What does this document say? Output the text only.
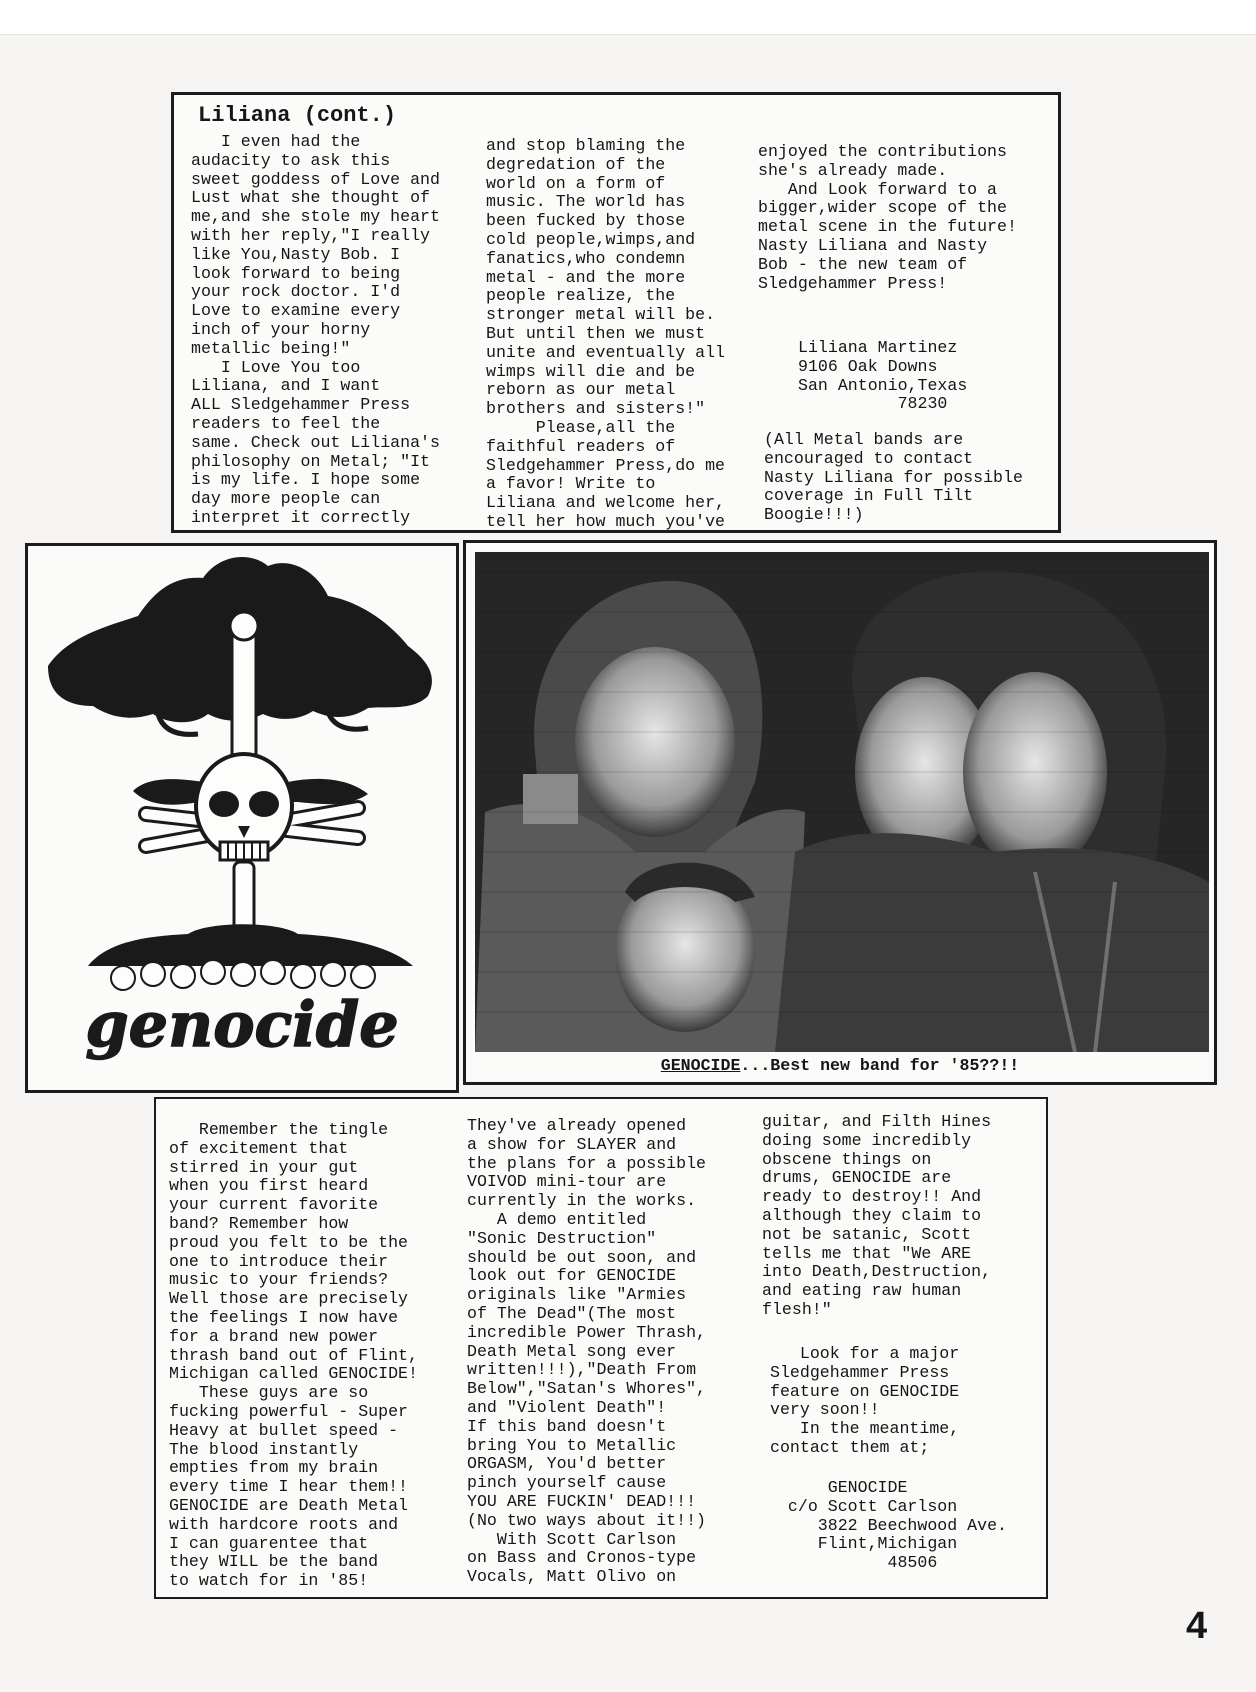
Liliana (cont.)
I even had the
audacity to ask this
sweet goddess of Love and
Lust what she thought of
me,and she stole my heart
with her reply,"I really
like You,Nasty Bob. I
look forward to being
your rock doctor. I'd
Love to examine every
inch of your horny
metallic being!"
I Love You too
Liliana, and I want
ALL Sledgehammer Press
readers to feel the
same. Check out Liliana's
philosophy on Metal; "It
is my life. I hope some
day more people can
interpret it correctly
and stop blaming the
degredation of the
world on a form of
music. The world has
been fucked by those
cold people,wimps,and
fanatics,who condemn
metal - and the more
people realize, the
stronger metal will be.
But until then we must
unite and eventually all
wimps will die and be
reborn as our metal
brothers and sisters!"
Please,all the
faithful readers of
Sledgehammer Press,do me
a favor! Write to
Liliana and welcome her,
tell her how much you've
enjoyed the contributions
she's already made.
And Look forward to a
bigger,wider scope of the
metal scene in the future!
Nasty Liliana and Nasty
Bob - the new team of
Sledgehammer Press!
Liliana Martinez
9106 Oak Downs
San Antonio,Texas
78230
(All Metal bands are
encouraged to contact
Nasty Liliana for possible
coverage in Full Tilt
Boogie!!!)
genocide
GENOCIDE...Best new band for '85??!!
Remember the tingle
of excitement that
stirred in your gut
when you first heard
your current favorite
band? Remember how
proud you felt to be the
one to introduce their
music to your friends?
Well those are precisely
the feelings I now have
for a brand new power
thrash band out of Flint,
Michigan called GENOCIDE!
These guys are so
fucking powerful - Super
Heavy at bullet speed -
The blood instantly
empties from my brain
every time I hear them!!
GENOCIDE are Death Metal
with hardcore roots and
I can guarentee that
they WILL be the band
to watch for in '85!
They've already opened
a show for SLAYER and
the plans for a possible
VOIVOD mini-tour are
currently in the works.
A demo entitled
"Sonic Destruction"
should be out soon, and
look out for GENOCIDE
originals like "Armies
of The Dead"(The most
incredible Power Thrash,
Death Metal song ever
written!!!),"Death From
Below","Satan's Whores",
and "Violent Death"!
If this band doesn't
bring You to Metallic
ORGASM, You'd better
pinch yourself cause
YOU ARE FUCKIN' DEAD!!!
(No two ways about it!!)
With Scott Carlson
on Bass and Cronos-type
Vocals, Matt Olivo on
guitar, and Filth Hines
doing some incredibly
obscene things on
drums, GENOCIDE are
ready to destroy!! And
although they claim to
not be satanic, Scott
tells me that "We ARE
into Death,Destruction,
and eating raw human
flesh!"
Look for a major
Sledgehammer Press
feature on GENOCIDE
very soon!!
In the meantime,
contact them at;
GENOCIDE
c/o Scott Carlson
3822 Beechwood Ave.
Flint,Michigan
48506
4
